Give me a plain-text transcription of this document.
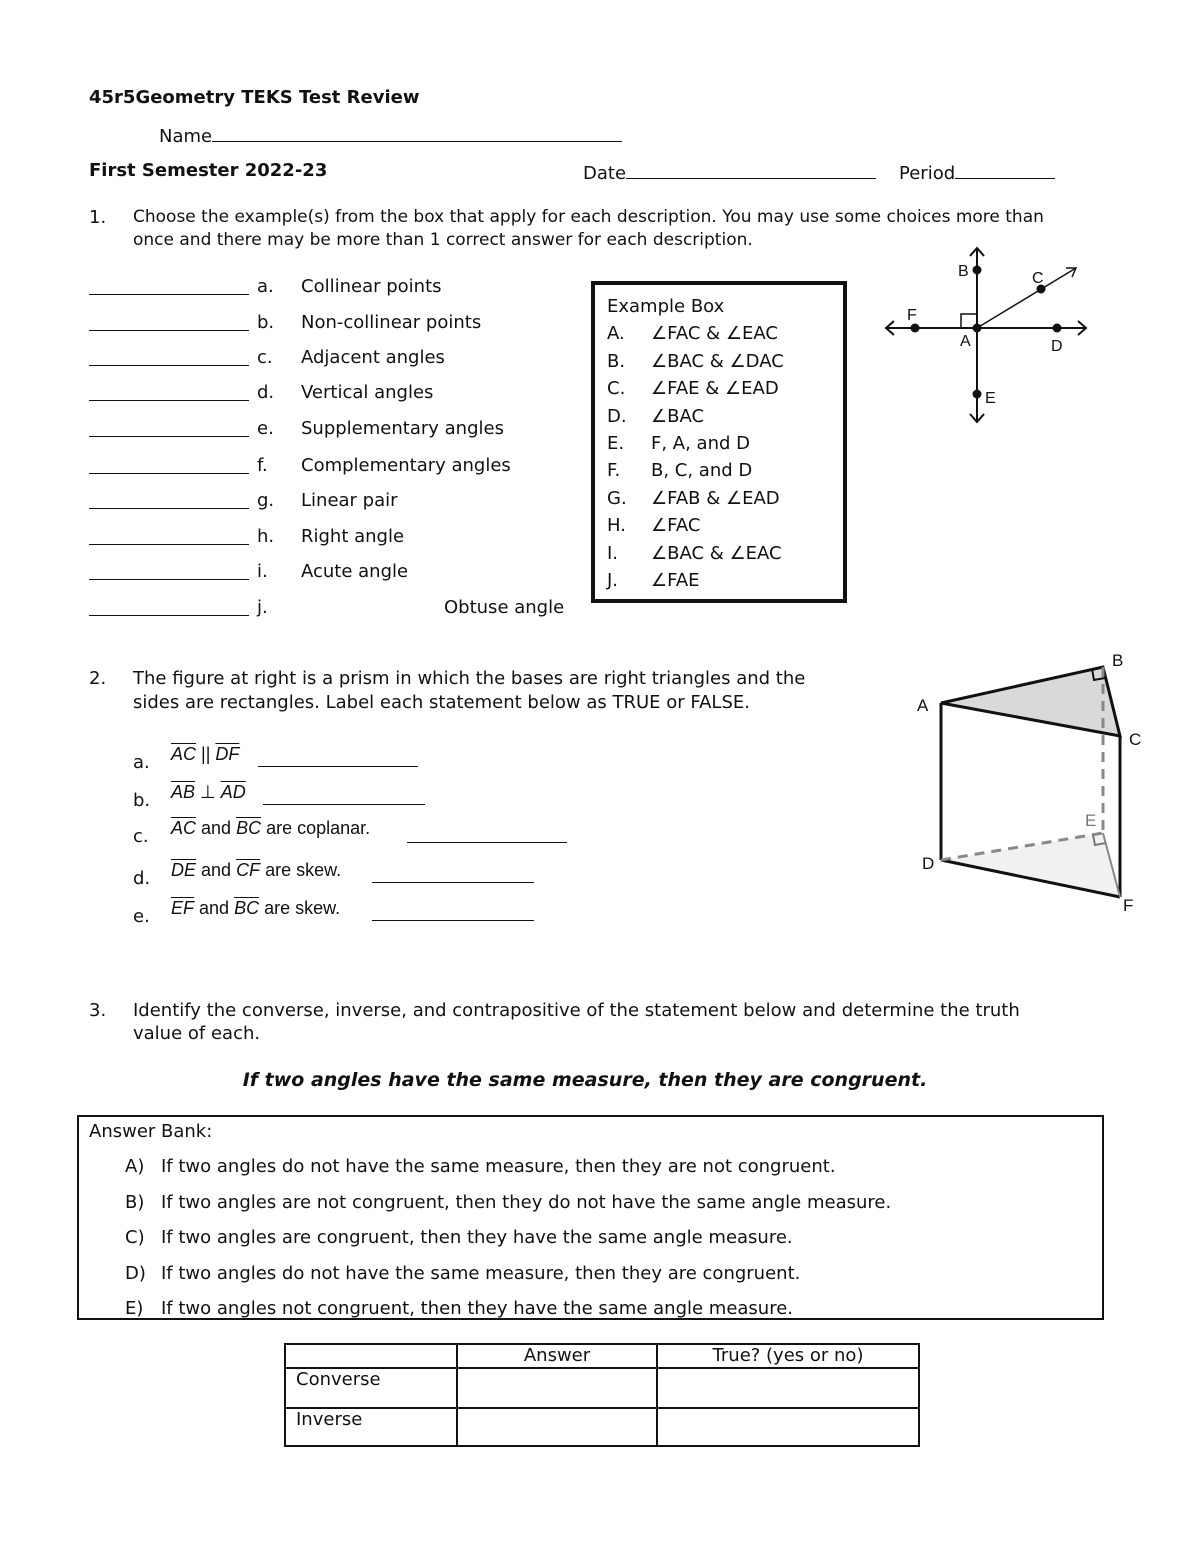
45r5Geometry TEKS Test Review
Name
First Semester 2022-23	Date	Period
1. Choose the example(s) from the box that apply for each description. You may use some choices more than
once and there may be more than 1 correct answer for each description.
a. Collinear points
b. Non-collinear points
c. Adjacent angles
d. Vertical angles
e. Supplementary angles
f. Complementary angles
g. Linear pair
h. Right angle
i. Acute angle
j.	Obtuse angle
Example Box
A. ∠FAC & ∠EAC
B. ∠BAC & ∠DAC
C. ∠FAE & ∠EAD
D. ∠BAC
E. F, A, and D
F. B, C, and D
G. ∠FAB & ∠EAD
H. ∠FAC
I. ∠BAC & ∠EAC
J. ∠FAE
F
A	D
B	C
E
2. The figure at right is a prism in which the bases are right triangles and the
sides are rectangles. Label each statement below as TRUE or FALSE.
a. $\overline{AC}$ || $\overline{DF}$
b. $\overline{AB}$ ⊥ $\overline{AD}$
c. $\overline{AC}$ and $\overline{BC}$ are coplanar.
d. $\overline{DE}$ and $\overline{CF}$ are skew.
e. $\overline{EF}$ and $\overline{BC}$ are skew.
A
B
C
D
E
F
3. Identify the converse, inverse, and contrapositive of the statement below and determine the truth
value of each.
If two angles have the same measure, then they are congruent.
Answer Bank:
A) If two angles do not have the same measure, then they are not congruent.
B) If two angles are not congruent, then they do not have the same angle measure.
C) If two angles are congruent, then they have the same angle measure.
D) If two angles do not have the same measure, then they are congruent.
E) If two angles not congruent, then they have the same angle measure.
	Answer	True? (yes or no)
Converse		
Inverse		
